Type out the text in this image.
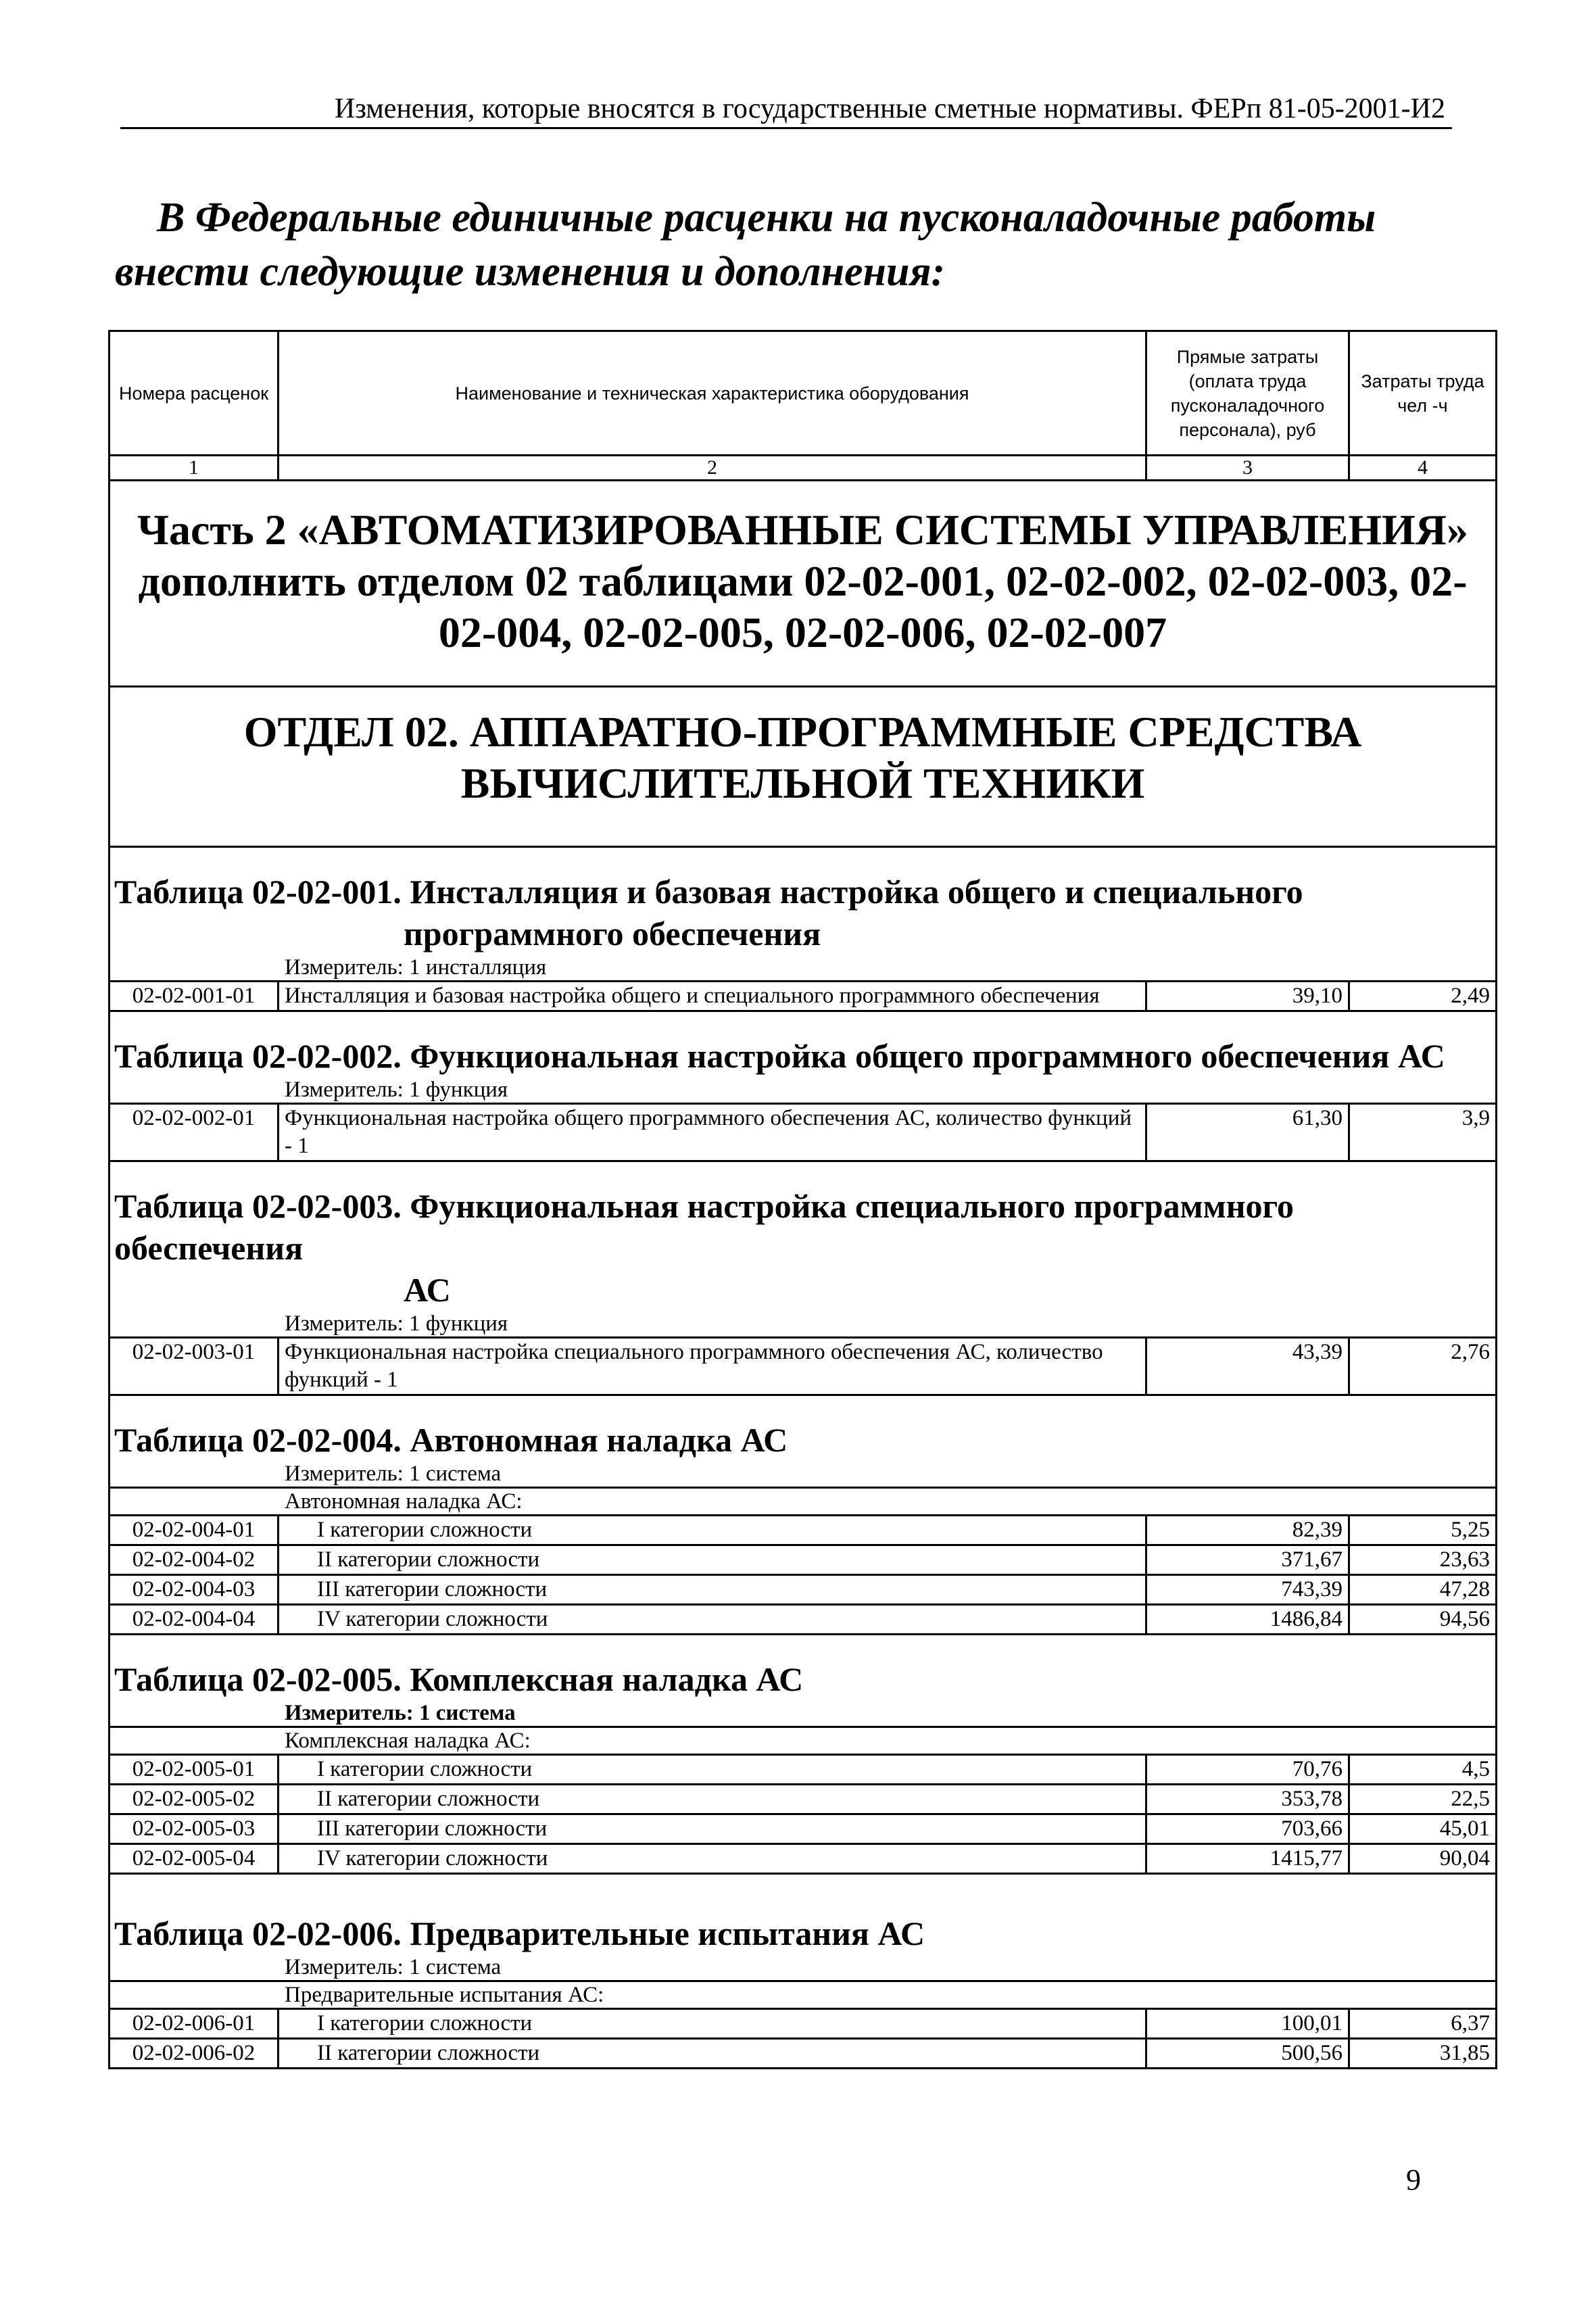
Изменения, которые вносятся в государственные сметные нормативы. ФЕРп 81-05-2001-И2
В Федеральные единичные расценки на пусконаладочные работы внести следующие изменения и дополнения:
Номера расценок	Наименование и техническая характеристика оборудования	Прямые затраты (оплата труда пусконаладочного персонала), руб	Затраты труда чел -ч
1	2	3	4
Часть 2 «АВТОМАТИЗИРОВАННЫЕ СИСТЕМЫ УПРАВЛЕНИЯ» дополнить отделом 02 таблицами 02-02-001, 02-02-002, 02-02-003, 02-02-004, 02-02-005, 02-02-006, 02-02-007			
ОТДЕЛ 02. АППАРАТНО-ПРОГРАММНЫЕ СРЕДСТВА ВЫЧИСЛИТЕЛЬНОЙ ТЕХНИКИ			

Таблица 02-02-001. Инсталляция и базовая настройка общего и специального
программного обеспечения			

Измеритель: 1 инсталляция			
02-02-001-01	Инсталляция и базовая настройка общего и специального программного обеспечения	39,10	2,49

Таблица 02-02-002. Функциональная настройка общего программного обеспечения АС			

Измеритель: 1 функция			
02-02-002-01	Функциональная настройка общего программного обеспечения АС, количество функций - 1	61,30	3,9

Таблица 02-02-003. Функциональная настройка специального программного обеспечения
АС			

Измеритель: 1 функция			
02-02-003-01	Функциональная настройка специального программного обеспечения АС, количество функций - 1	43,39	2,76

Таблица 02-02-004. Автономная наладка АС			

Измеритель: 1 система			
Автономная наладка АС:			
02-02-004-01	I категории сложности	82,39	5,25
02-02-004-02	II категории сложности	371,67	23,63
02-02-004-03	III категории сложности	743,39	47,28
02-02-004-04	IV категории сложности	1486,84	94,56

Таблица 02-02-005. Комплексная наладка АС			

Измеритель: 1 система			
Комплексная наладка АС:			
02-02-005-01	I категории сложности	70,76	4,5
02-02-005-02	II категории сложности	353,78	22,5
02-02-005-03	III категории сложности	703,66	45,01
02-02-005-04	IV категории сложности	1415,77	90,04

Таблица 02-02-006. Предварительные испытания АС			

Измеритель: 1 система			
Предварительные испытания АС:			
02-02-006-01	I категории сложности	100,01	6,37
02-02-006-02	II категории сложности	500,56	31,85
9
